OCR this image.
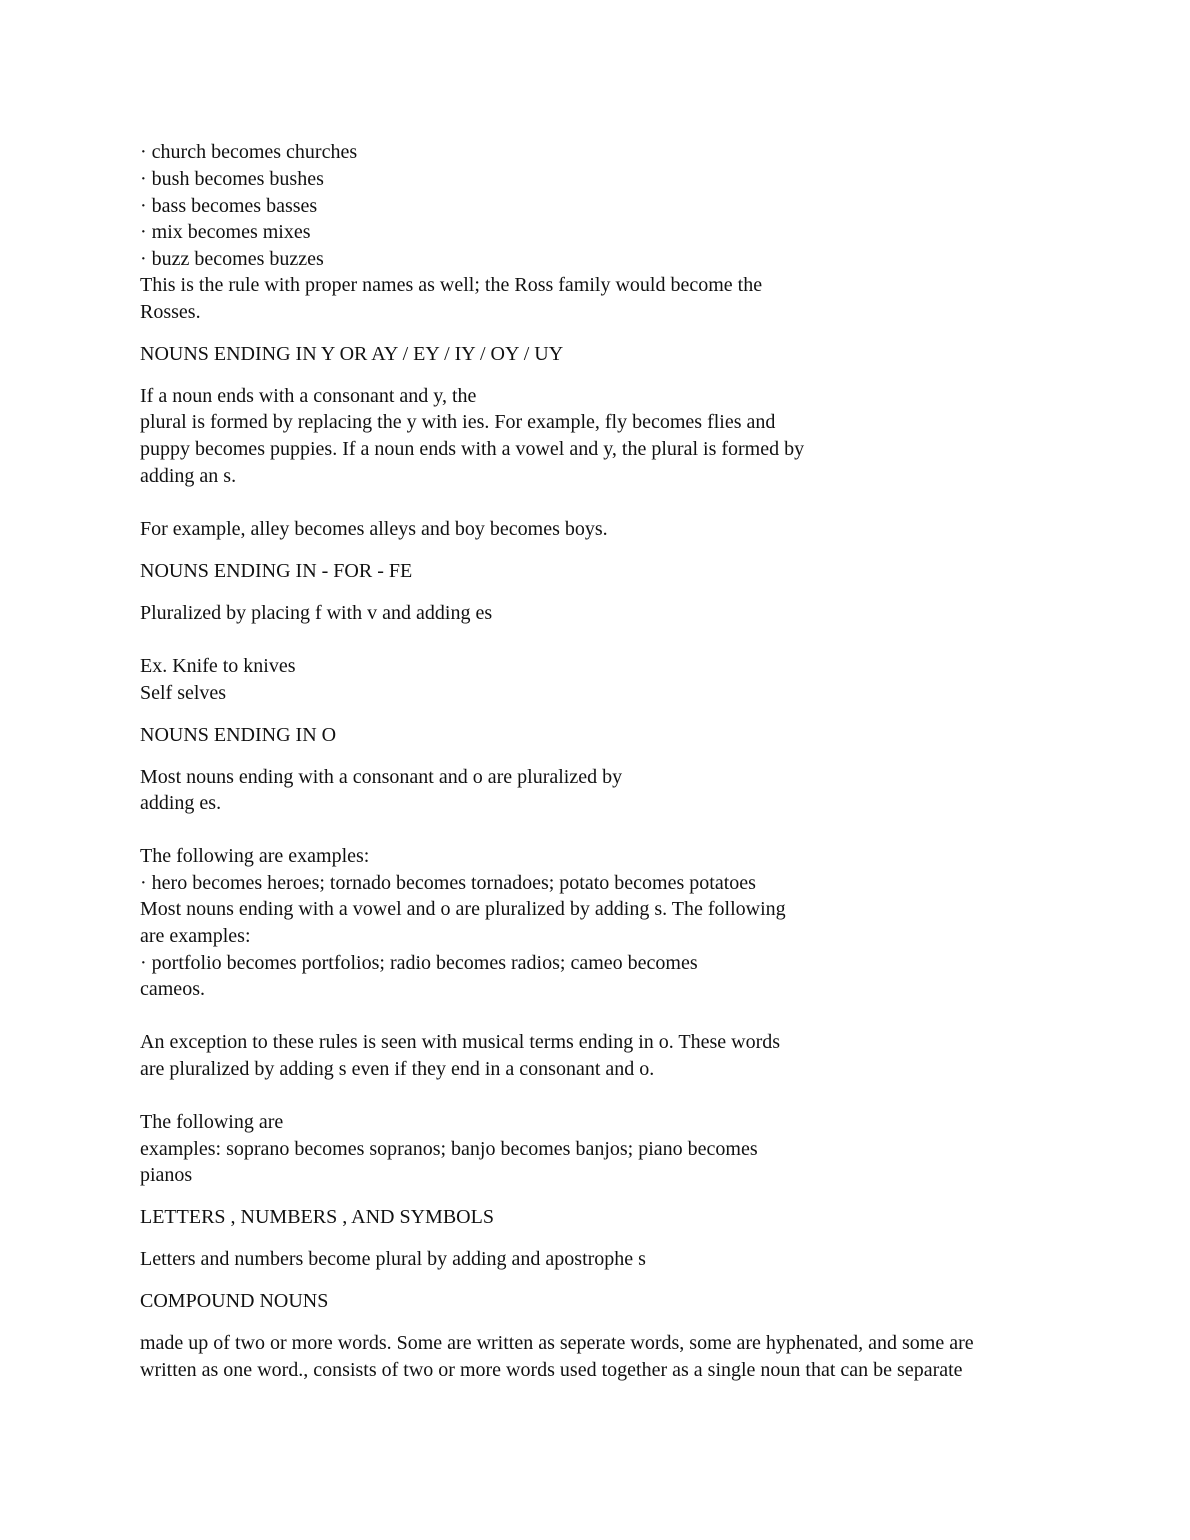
· church becomes churches

· bush becomes bushes

· bass becomes basses

· mix becomes mixes

· buzz becomes buzzes

This is the rule with proper names as well; the Ross family would become the

Rosses.

NOUNS ENDING IN Y OR AY / EY / IY / OY / UY

If a noun ends with a consonant and y, the

plural is formed by replacing the y with ies. For example, fly becomes flies and

puppy becomes puppies. If a noun ends with a vowel and y, the plural is formed by

adding an s.

For example, alley becomes alleys and boy becomes boys.

NOUNS ENDING IN - FOR - FE

Pluralized by placing f with v and adding es

Ex. Knife to knives

Self selves

NOUNS ENDING IN O

Most nouns ending with a consonant and o are pluralized by

adding es.

The following are examples:

· hero becomes heroes; tornado becomes tornadoes; potato becomes potatoes

Most nouns ending with a vowel and o are pluralized by adding s. The following

are examples:

· portfolio becomes portfolios; radio becomes radios; cameo becomes

cameos.

An exception to these rules is seen with musical terms ending in o. These words

are pluralized by adding s even if they end in a consonant and o.

The following are

examples: soprano becomes sopranos; banjo becomes banjos; piano becomes

pianos

LETTERS , NUMBERS , AND SYMBOLS

Letters and numbers become plural by adding and apostrophe s

COMPOUND NOUNS

made up of two or more words. Some are written as seperate words, some are hyphenated, and some are

written as one word., consists of two or more words used together as a single noun that can be separate
